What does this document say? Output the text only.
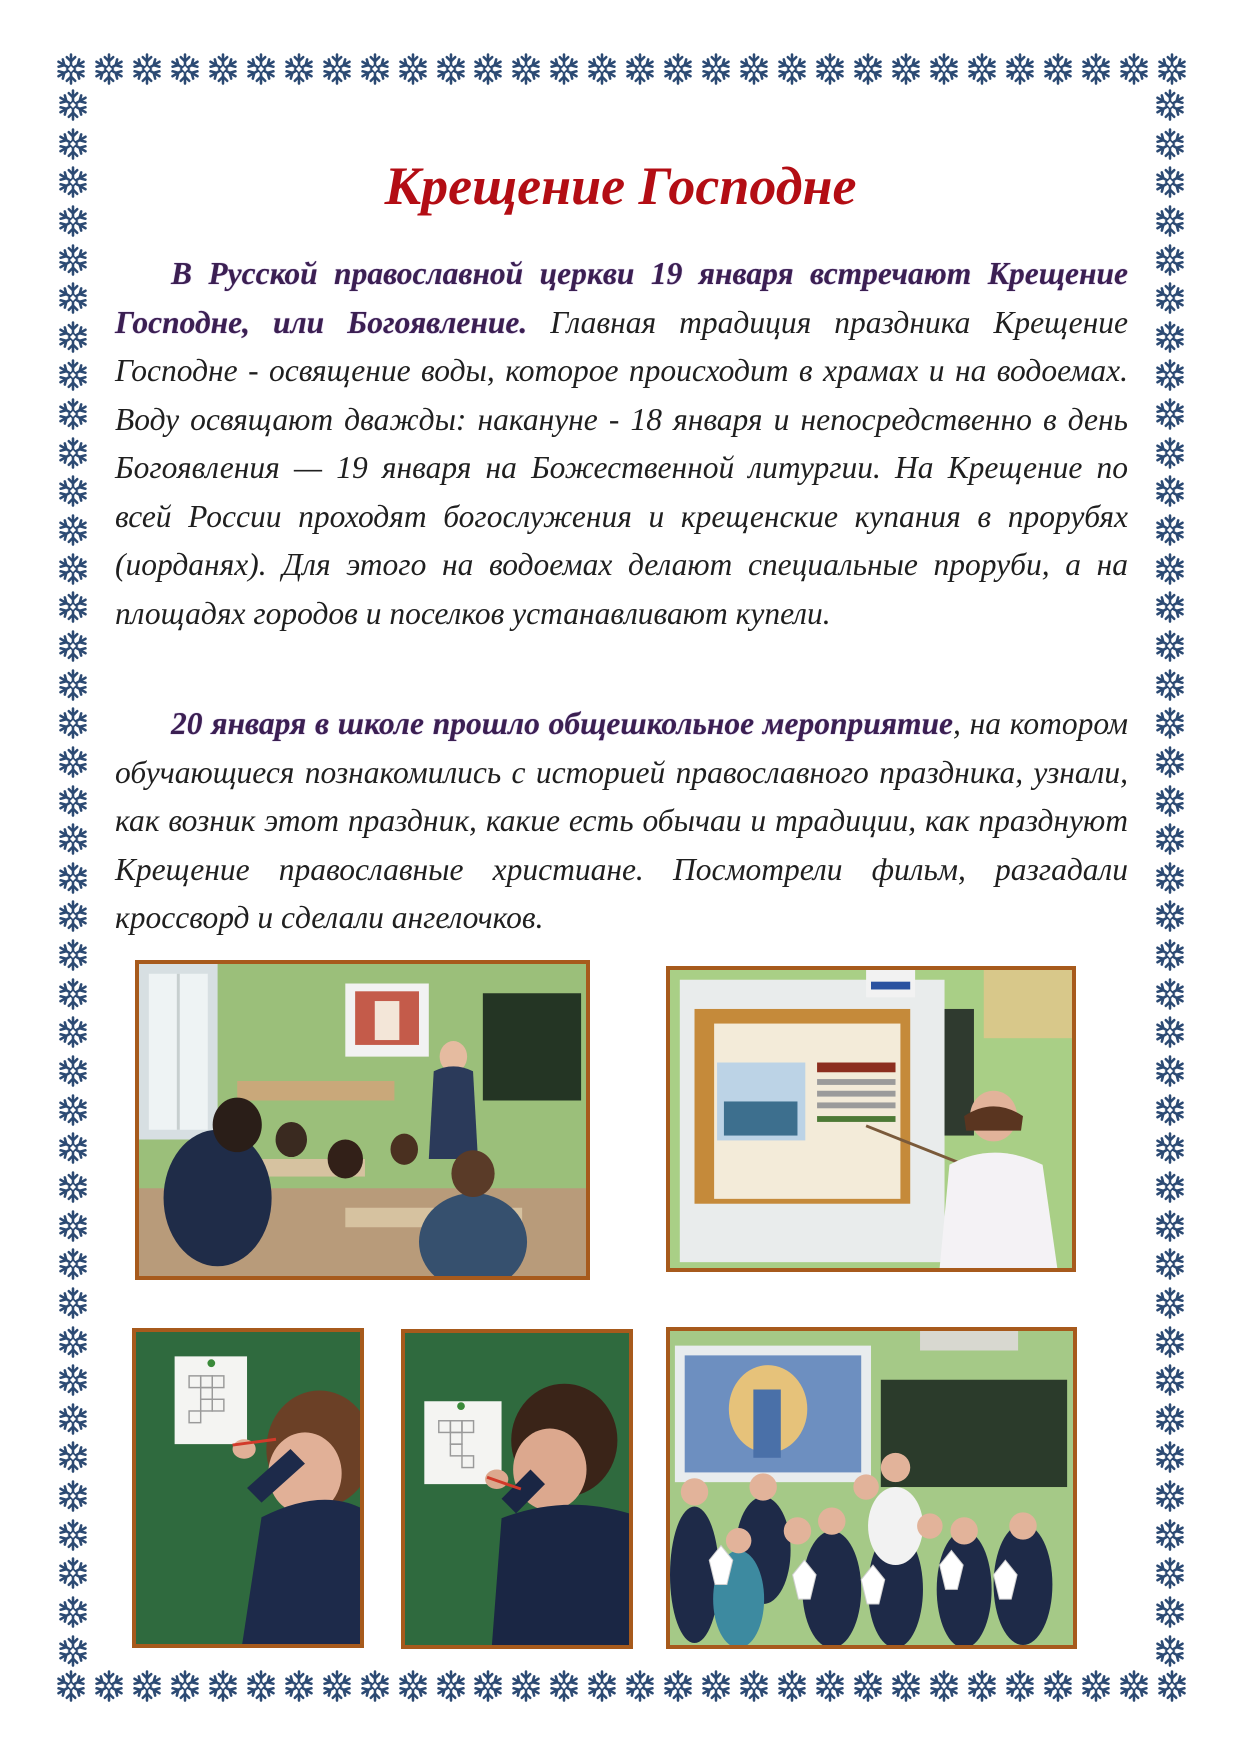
Крещение Господне

В Русской православной церкви 19 января встречают Крещение Господне, или Богоявление. Главная традиция праздника Крещение Господне - освящение воды, которое происходит в храмах и на водоемах. Воду освящают дважды: накануне - 18 января и непосредственно в день Богоявления — 19 января на Божественной литургии. На Крещение по всей России проходят богослужения и крещенские купания в прорубях (иорданях). Для этого на водоемах делают специальные проруби, а на площадях городов и поселков устанавливают купели.

20 января в школе прошло общешкольное мероприятие, на котором обучающиеся познакомились с историей православного праздника, узнали, как возник этот праздник, какие есть обычаи и традиции, как празднуют Крещение православные христиане. Посмотрели фильм, разгадали кроссворд и сделали ангелочков.
